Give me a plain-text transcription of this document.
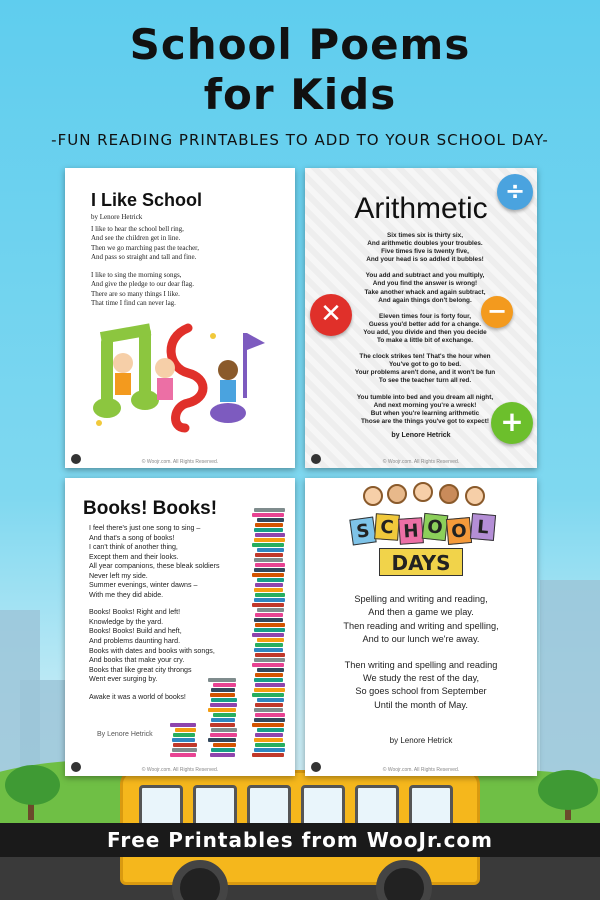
School Poems
for Kids
-FUN READING PRINTABLES TO ADD TO YOUR SCHOOL DAY-
I Like School
by Lenore Hetrick

I like to hear the school bell ring,

And see the children get in line.

Then we go marching past the teacher,

And pass so straight and tall and fine.

I like to sing the morning songs,

And give the pledge to our dear flag.

There are so many things I like.

That time I find can never lag.

© Woojr.com. All Rights Reserved.
Arithmetic

Six times six is thirty six,

And arithmetic doubles your troubles.

Five times five is twenty five,

And your head is so addled it bubbles!

You add and subtract and you multiply,

And you find the answer is wrong!

Take another whack and again subtract,

And again things don't belong.

Eleven times four is forty four,

Guess you'd better add for a change.

You add, you divide and then you decide

To make a little bit of exchange.

The clock strikes ten! That's the hour when

You've got to go to bed.

Your problems aren't done, and it won't be fun

To see the teacher turn all red.

You tumble into bed and you dream all night,

And next morning you're a wreck!

But when you're learning arithmetic

Those are the things you've got to expect!

by Lenore Hetrick
÷
−
+
© Woojr.com. All Rights Reserved.
✕
Books! Books!

I feel there's just one song to sing –

And that's a song of books!

I can't think of another thing,

Except them and their looks.

All year companions, these bleak soldiers

Never left my side.

Summer evenings, winter dawns –

With me they did abide.

Books! Books! Right and left!

Knowledge by the yard.

Books! Books! Build and heft,

And problems daunting hard.

Books with dates and books with songs,

And books that make your cry.

Books that like great city throngs

Went ever surging by.

Awake it was a world of books!

By Lenore Hetrick
© Woojr.com. All Rights Reserved.
S C H O O L
DAYS

Spelling and writing and reading,

And then a game we play.

Then reading and writing and spelling,

And to our lunch we're away.

Then writing and spelling and reading

We study the rest of the day,

So goes school from September

Until the month of May.

by Lenore Hetrick
© Woojr.com. All Rights Reserved.
Free Printables from WooJr.com
